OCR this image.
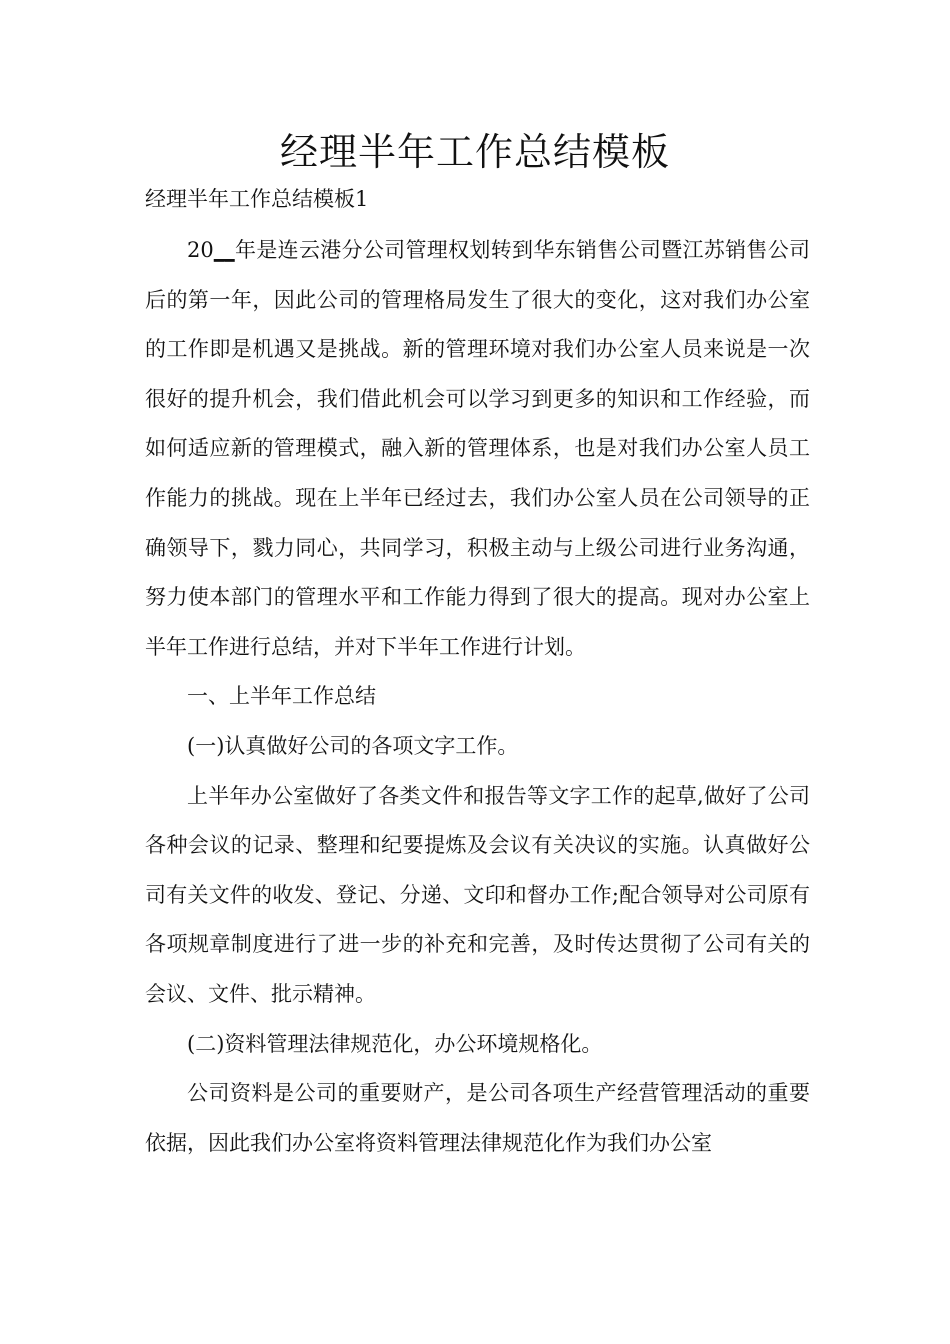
经理半年工作总结模板

经理半年工作总结模板1

20__年是连云港分公司管理权划转到华东销售公司暨江苏销售公司后的第一年，因此公司的管理格局发生了很大的变化，这对我们办公室的工作即是机遇又是挑战。新的管理环境对我们办公室人员来说是一次很好的提升机会，我们借此机会可以学习到更多的知识和工作经验，而如何适应新的管理模式，融入新的管理体系，也是对我们办公室人员工作能力的挑战。现在上半年已经过去，我们办公室人员在公司领导的正确领导下，戮力同心，共同学习，积极主动与上级公司进行业务沟通，努力使本部门的管理水平和工作能力得到了很大的提高。现对办公室上半年工作进行总结，并对下半年工作进行计划。

一、上半年工作总结

(一)认真做好公司的各项文字工作。

上半年办公室做好了各类文件和报告等文字工作的起草,做好了公司各种会议的记录、整理和纪要提炼及会议有关决议的实施。认真做好公司有关文件的收发、登记、分递、文印和督办工作;配合领导对公司原有各项规章制度进行了进一步的补充和完善，及时传达贯彻了公司有关的会议、文件、批示精神。

(二)资料管理法律规范化，办公环境规格化。

公司资料是公司的重要财产，是公司各项生产经营管理活动的重要依据，因此我们办公室将资料管理法律规范化作为我们办公室
